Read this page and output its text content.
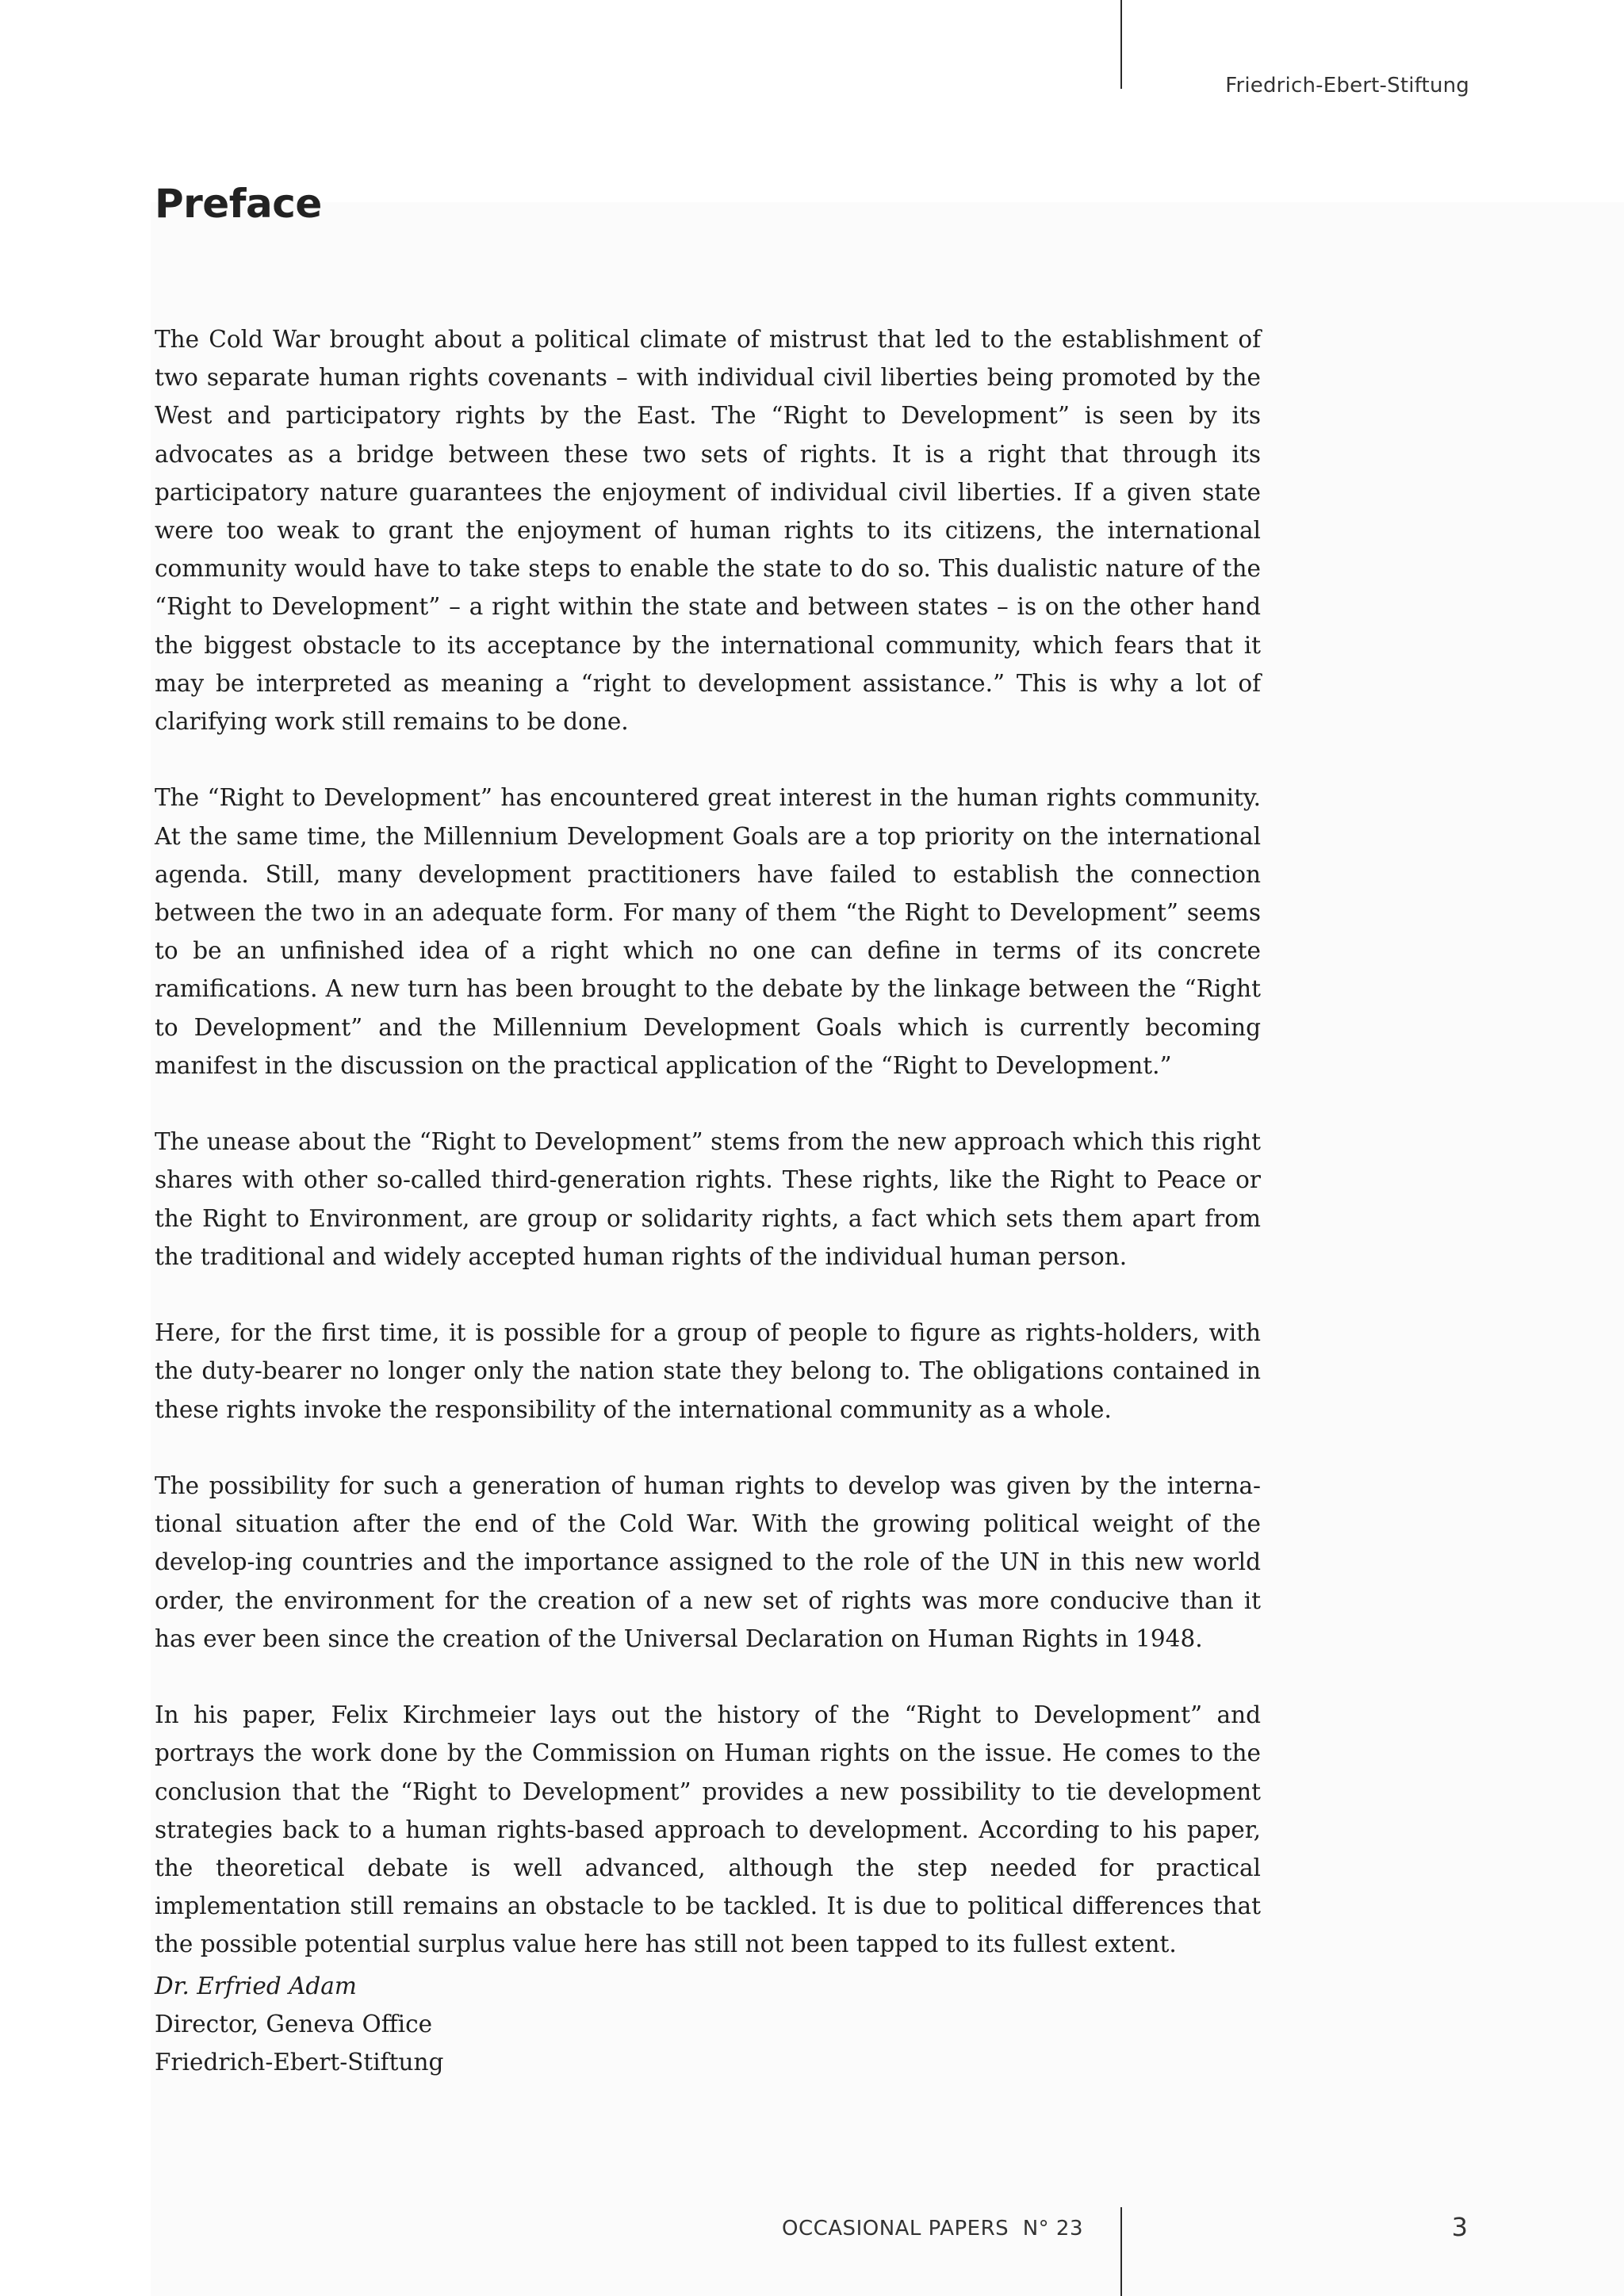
Friedrich-Ebert-Stiftung
Preface

The Cold War brought about a political climate of mistrust that led to the establishment of two separate human rights covenants – with individual civil liberties being promoted by the West and participatory rights by the East. The “Right to Development” is seen by its advocates as a bridge between these two sets of rights. It is a right that through its participatory nature guarantees the enjoyment of individual civil liberties. If a given state were too weak to grant the enjoyment of human rights to its citizens, the international community would have to take steps to enable the state to do so. This dualistic nature of the “Right to Development” – a right within the state and between states – is on the other hand the biggest obstacle to its acceptance by the international community, which fears that it may be interpreted as meaning a “right to development assistance.” This is why a lot of clarifying work still remains to be done.

The “Right to Development” has encountered great interest in the human rights community. At the same time, the Millennium Development Goals are a top priority on the international agenda. Still, many development practitioners have failed to establish the connection between the two in an adequate form. For many of them “the Right to Development” seems to be an unfinished idea of a right which no one can define in terms of its concrete ramifications. A new turn has been brought to the debate by the linkage between the “Right to Development” and the Millennium Development Goals which is currently becoming manifest in the discussion on the practical application of the “Right to Development.”

The unease about the “Right to Development” stems from the new approach which this right shares with other so-called third-generation rights. These rights, like the Right to Peace or the Right to Environment, are group or solidarity rights, a fact which sets them apart from the traditional and widely accepted human rights of the individual human person.

Here, for the first time, it is possible for a group of people to figure as rights-holders, with the duty-bearer no longer only the nation state they belong to. The obligations contained in these rights invoke the responsibility of the international community as a whole.

The possibility for such a generation of human rights to develop was given by the interna-tional situation after the end of the Cold War. With the growing political weight of the develop-ing countries and the importance assigned to the role of the UN in this new world order, the environment for the creation of a new set of rights was more conducive than it has ever been since the creation of the Universal Declaration on Human Rights in 1948.

In his paper, Felix Kirchmeier lays out the history of the “Right to Development” and portrays the work done by the Commission on Human rights on the issue. He comes to the conclusion that the “Right to Development” provides a new possibility to tie development strategies back to a human rights-based approach to development. According to his paper, the theoretical debate is well advanced, although the step needed for practical implementation still remains an obstacle to be tackled. It is due to political differences that the possible potential surplus value here has still not been tapped to its fullest extent.

Dr. Erfried Adam
Director, Geneva Office
Friedrich-Ebert-Stiftung
OCCASIONAL PAPERS  N° 23	3
